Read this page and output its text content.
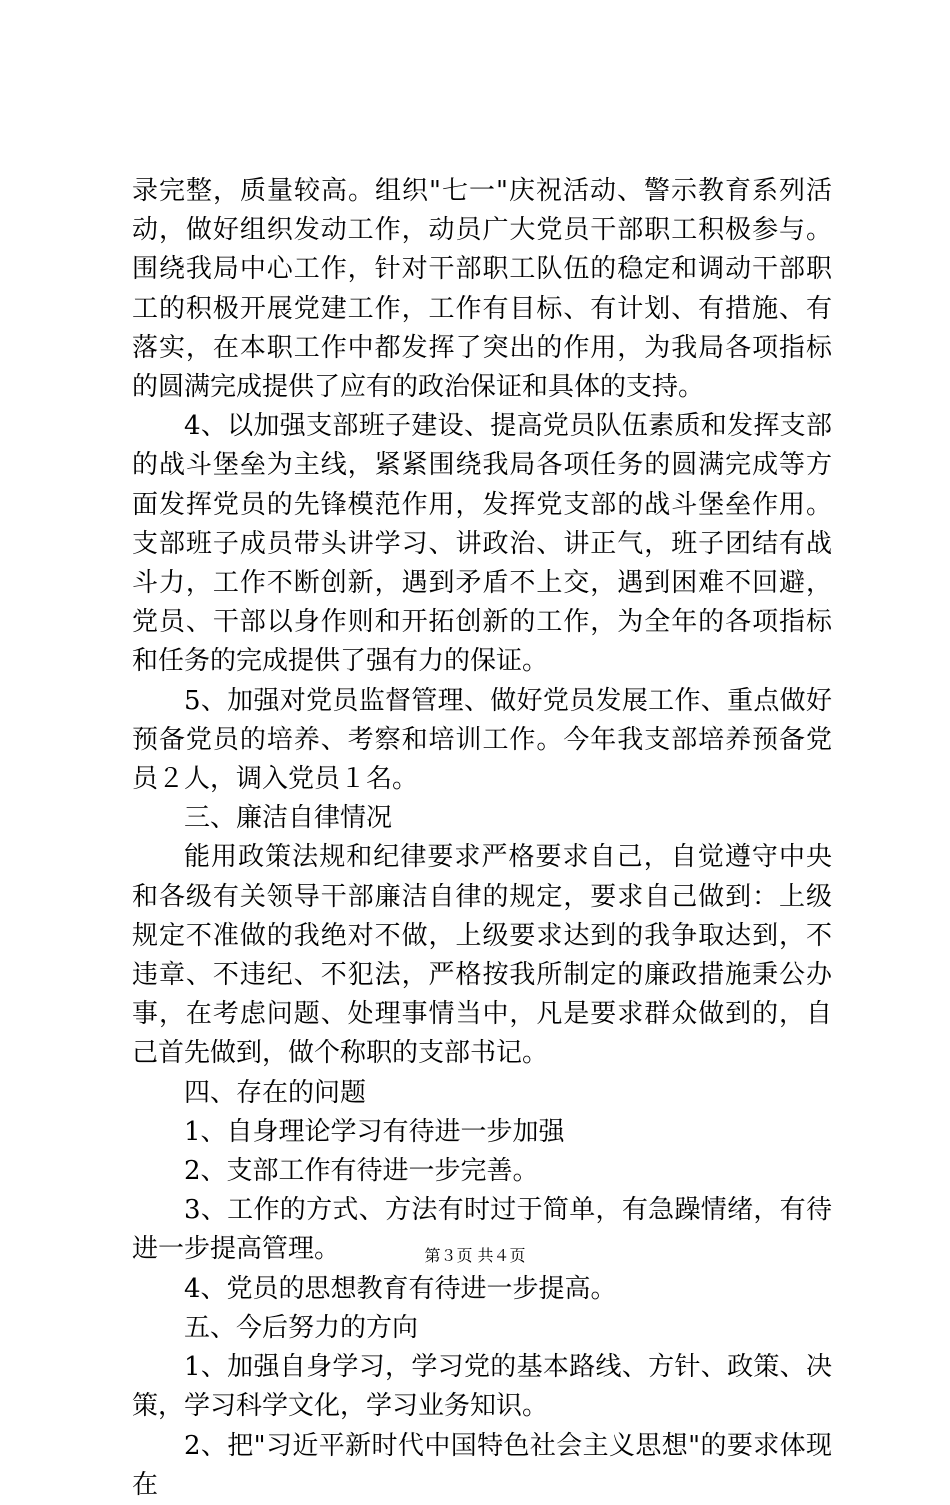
录完整，质量较高。组织"七一"庆祝活动、警示教育系列活动，做好组织发动工作，动员广大党员干部职工积极参与。围绕我局中心工作，针对干部职工队伍的稳定和调动干部职工的积极开展党建工作，工作有目标、有计划、有措施、有落实，在本职工作中都发挥了突出的作用，为我局各项指标的圆满完成提供了应有的政治保证和具体的支持。

4、以加强支部班子建设、提高党员队伍素质和发挥支部的战斗堡垒为主线，紧紧围绕我局各项任务的圆满完成等方面发挥党员的先锋模范作用，发挥党支部的战斗堡垒作用。支部班子成员带头讲学习、讲政治、讲正气，班子团结有战斗力，工作不断创新，遇到矛盾不上交，遇到困难不回避，党员、干部以身作则和开拓创新的工作，为全年的各项指标和任务的完成提供了强有力的保证。

5、加强对党员监督管理、做好党员发展工作、重点做好预备党员的培养、考察和培训工作。今年我支部培养预备党员２人，调入党员１名。

三、廉洁自律情况

能用政策法规和纪律要求严格要求自己，自觉遵守中央和各级有关领导干部廉洁自律的规定，要求自己做到：上级规定不准做的我绝对不做，上级要求达到的我争取达到，不违章、不违纪、不犯法，严格按我所制定的廉政措施秉公办事，在考虑问题、处理事情当中，凡是要求群众做到的，自己首先做到，做个称职的支部书记。

四、存在的问题

1、自身理论学习有待进一步加强

2、支部工作有待进一步完善。

3、工作的方式、方法有时过于简单，有急躁情绪，有待进一步提高管理。

4、党员的思想教育有待进一步提高。

五、今后努力的方向

1、加强自身学习，学习党的基本路线、方针、政策、决策，学习科学文化，学习业务知识。

2、把"习近平新时代中国特色社会主义思想"的要求体现在

第３页 共４页
